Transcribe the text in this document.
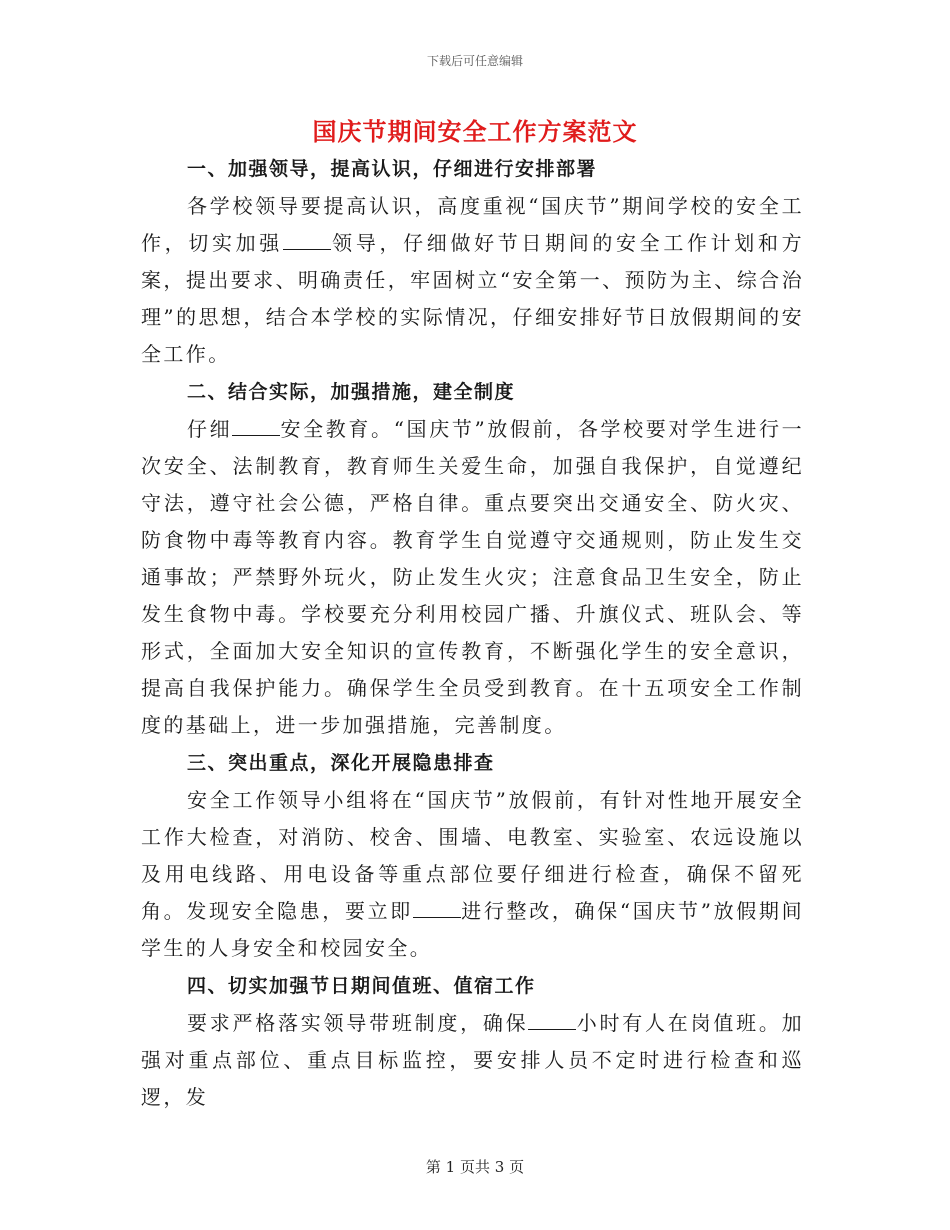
下载后可任意编辑
国庆节期间安全工作方案范文

一、加强领导，提高认识，仔细进行安排部署

各学校领导要提高认识，高度重视“国庆节”期间学校的安全工作，切实加强 领导，仔细做好节日期间的安全工作计划和方案，提出要求、明确责任，牢固树立“安全第一、预防为主、综合治理”的思想，结合本学校的实际情况，仔细安排好节日放假期间的安全工作。

二、结合实际，加强措施，建全制度

仔细 安全教育。“国庆节”放假前，各学校要对学生进行一次安全、法制教育，教育师生关爱生命，加强自我保护，自觉遵纪守法，遵守社会公德，严格自律。重点要突出交通安全、防火灾、防食物中毒等教育内容。教育学生自觉遵守交通规则，防止发生交通事故；严禁野外玩火，防止发生火灾；注意食品卫生安全，防止发生食物中毒。学校要充分利用校园广播、升旗仪式、班队会、等形式，全面加大安全知识的宣传教育，不断强化学生的安全意识，提高自我保护能力。确保学生全员受到教育。在十五项安全工作制度的基础上，进一步加强措施，完善制度。

三、突出重点，深化开展隐患排查

安全工作领导小组将在“国庆节”放假前，有针对性地开展安全工作大检查，对消防、校舍、围墙、电教室、实验室、农远设施以及用电线路、用电设备等重点部位要仔细进行检查，确保不留死角。发现安全隐患，要立即 进行整改，确保“国庆节”放假期间学生的人身安全和校园安全。

四、切实加强节日期间值班、值宿工作

要求严格落实领导带班制度，确保 小时有人在岗值班。加强对重点部位、重点目标监控，要安排人员不定时进行检查和巡逻，发

第 1 页共 3 页
